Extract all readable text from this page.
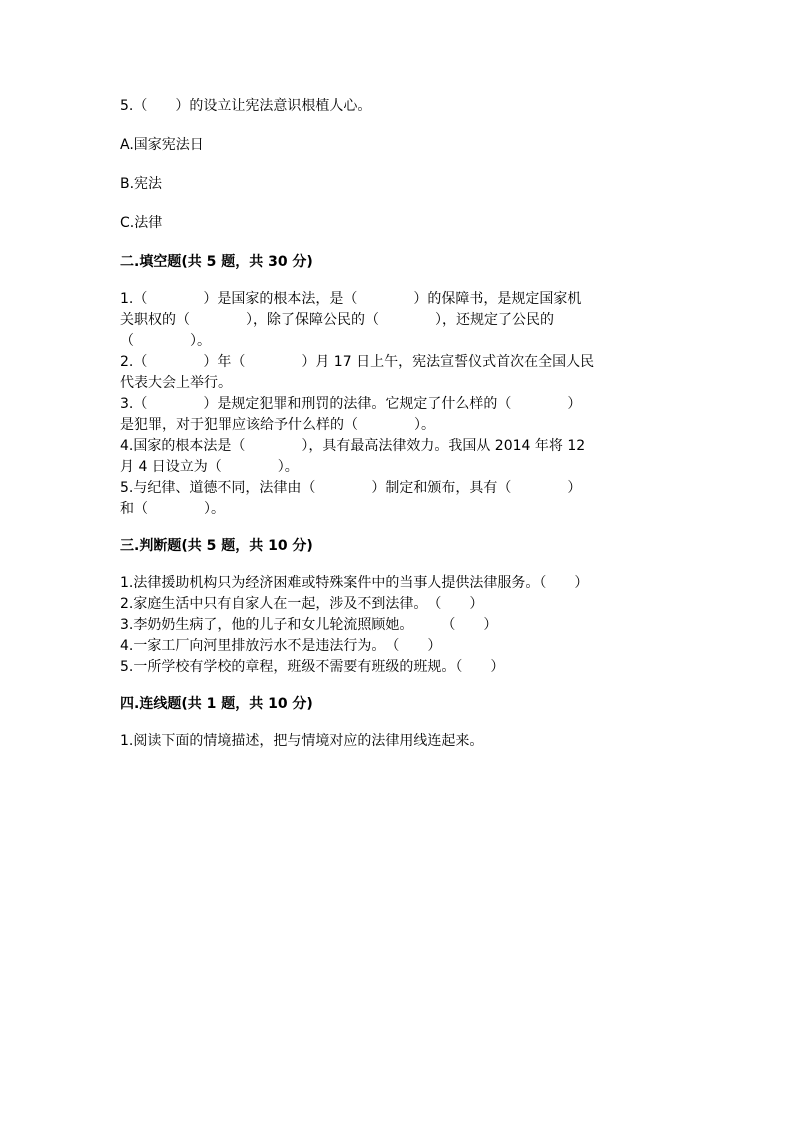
5.（　　）的设立让宪法意识根植人心。
A.国家宪法日
B.宪法
C.法律
二.填空题(共 5 题，共 30 分)
1.（　　　　）是国家的根本法，是（　　　　）的保障书，是规定国家机
关职权的（　　　　），除了保障公民的（　　　　），还规定了公民的
（　　　　）。
2.（　　　　）年（　　　　）月 17 日上午，宪法宣誓仪式首次在全国人民
代表大会上举行。
3.（　　　　）是规定犯罪和刑罚的法律。它规定了什么样的（　　　　）
是犯罪，对于犯罪应该给予什么样的（　　　　）。
4.国家的根本法是（　　　　），具有最高法律效力。我国从 2014 年将 12
月 4 日设立为（　　　　）。
5.与纪律、道德不同，法律由（　　　　）制定和颁布，具有（　　　　）
和（　　　　）。
三.判断题(共 5 题，共 10 分)
1.法律援助机构只为经济困难或特殊案件中的当事人提供法律服务。（　　）
2.家庭生活中只有自家人在一起，涉及不到法律。　（　　）
3.李奶奶生病了，他的儿子和女儿轮流照顾她。　　　（　　）
4.一家工厂向河里排放污水不是违法行为。　（　　）
5.一所学校有学校的章程，班级不需要有班级的班规。（　　）
四.连线题(共 1 题，共 10 分)
1.阅读下面的情境描述，把与情境对应的法律用线连起来。
